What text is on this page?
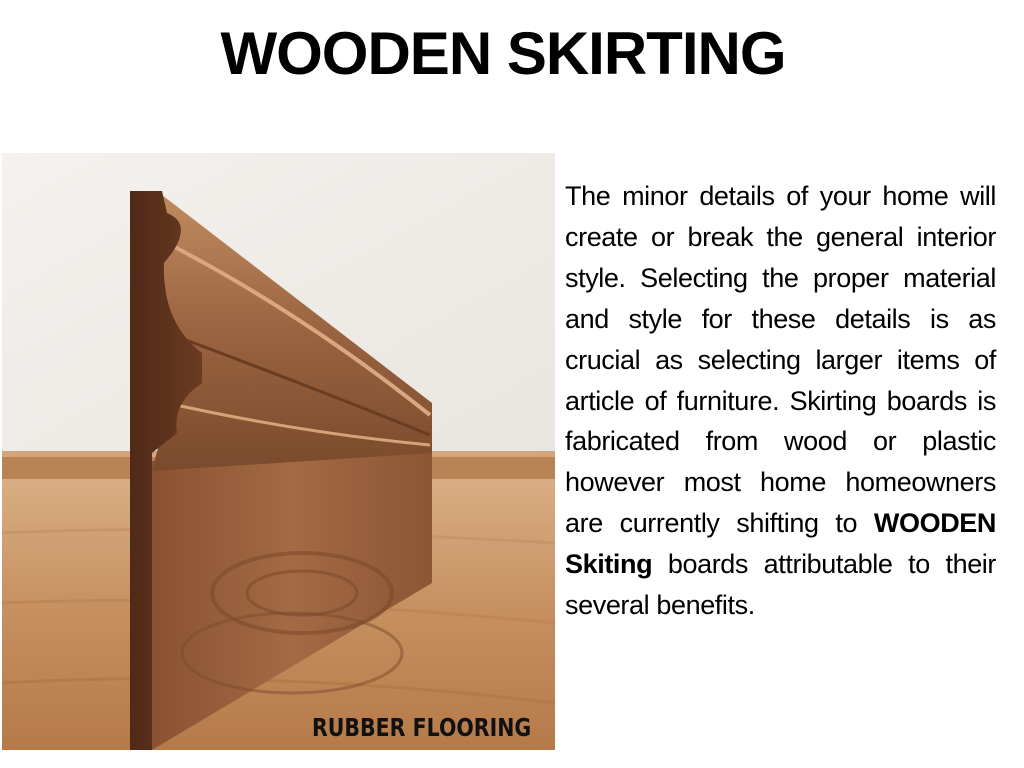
WOODEN SKIRTING
RUBBER FLOORING

The minor details of your home will create or break the general interior style. Selecting the proper material and style for these details is as crucial as selecting larger items of article of furniture. Skirting boards is fabricated from wood or plastic however most home homeowners are currently shifting to WOODEN Skiting boards attributable to their several benefits.
